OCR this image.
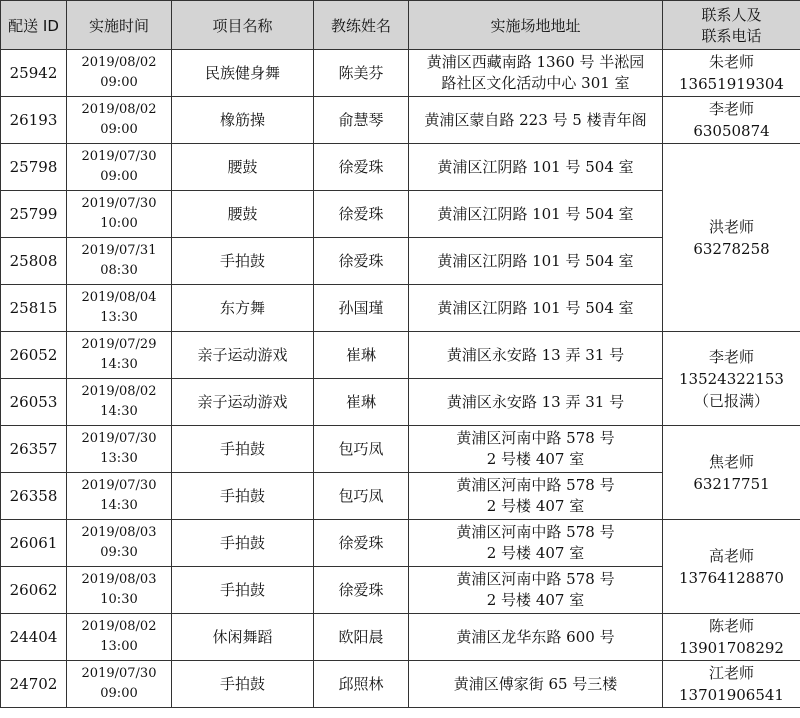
配送 ID	实施时间	项目名称	教练姓名	实施场地地址	联系人及
联系电话

25942	2019/08/02
09:00	民族健身舞	陈美芬	黄浦区西藏南路 1360 号 半淞园
路社区文化活动中心 301 室	朱老师
13651919304

26193	2019/08/02
09:00	橡筋操	俞慧琴	黄浦区蒙自路 223 号 5 楼青年阁	李老师
63050874

25798	2019/07/30
09:00	腰鼓	徐爱珠	黄浦区江阴路 101 号 504 室	洪老师
63278258

25799	2019/07/30
10:00	腰鼓	徐爱珠	黄浦区江阴路 101 号 504 室	

25808	2019/07/31
08:30	手拍鼓	徐爱珠	黄浦区江阴路 101 号 504 室	

25815	2019/08/04
13:30	东方舞	孙国瑾	黄浦区江阴路 101 号 504 室	

26052	2019/07/29
14:30	亲子运动游戏	崔琳	黄浦区永安路 13 弄 31 号	李老师
13524322153
（已报满）

26053	2019/08/02
14:30	亲子运动游戏	崔琳	黄浦区永安路 13 弄 31 号	

26357	2019/07/30
13:30	手拍鼓	包巧凤	黄浦区河南中路 578 号
2 号楼 407 室	焦老师
63217751

26358	2019/07/30
14:30	手拍鼓	包巧凤	黄浦区河南中路 578 号
2 号楼 407 室	

26061	2019/08/03
09:30	手拍鼓	徐爱珠	黄浦区河南中路 578 号
2 号楼 407 室	高老师
13764128870

26062	2019/08/03
10:30	手拍鼓	徐爱珠	黄浦区河南中路 578 号
2 号楼 407 室	

24404	2019/08/02
13:00	休闲舞蹈	欧阳晨	黄浦区龙华东路 600 号	陈老师
13901708292

24702	2019/07/30
09:00	手拍鼓	邱照林	黄浦区傅家街 65 号三楼	江老师
13701906541
